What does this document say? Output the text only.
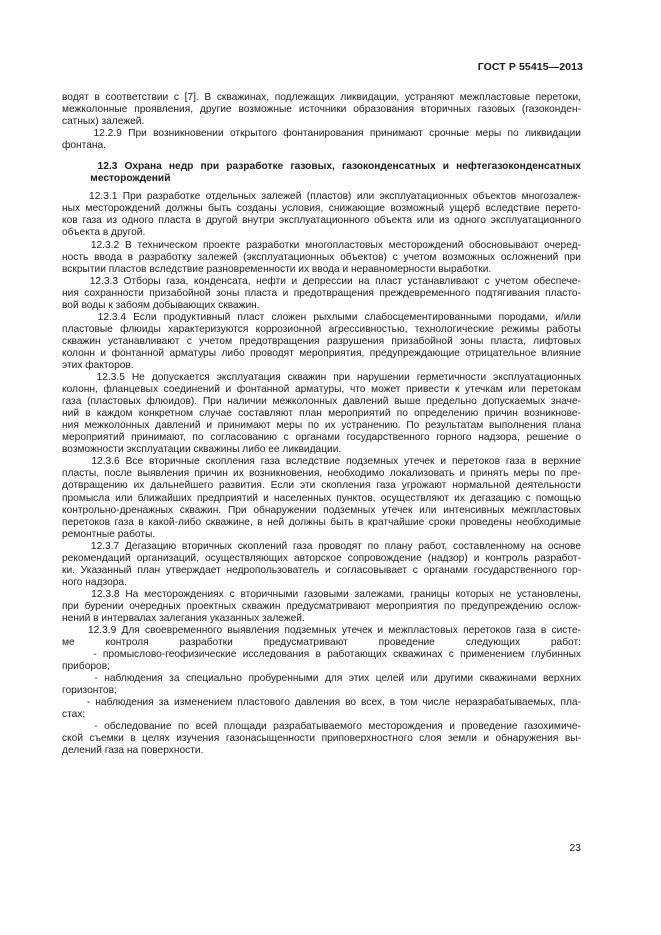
ГОСТ Р 55415—2013
водят в соответствии с [7]. В скважинах, подлежащих ликвидации, устраняют межпластовые перетоки,
межколонные проявления, другие возможные источники образования вторичных газовых (газоконден-
сатных) залежей.
12.2.9 При возникновении открытого фонтанирования принимают срочные меры по ликвидации
фонтана.
12.3 Охрана недр при разработке газовых, газоконденсатных и нефтегазоконденсатных
месторождений
12.3.1 При разработке отдельных залежей (пластов) или эксплуатационных объектов многозалеж-
ных месторождений должны быть созданы условия, снижающие возможный ущерб вследствие перето-
ков газа из одного пласта в другой внутри эксплуатационного объекта или из одного эксплуатационного
объекта в другой.
12.3.2 В техническом проекте разработки многопластовых месторождений обосновывают очеред-
ность ввода в разработку залежей (эксплуатационных объектов) с учетом возможных осложнений при
вскрытии пластов вследствие разновременности их ввода и неравномерности выработки.
12.3.3 Отборы газа, конденсата, нефти и депрессии на пласт устанавливают с учетом обеспече-
ния сохранности призабойной зоны пласта и предотвращения преждевременного подтягивания пласто-
вой воды к забоям добывающих скважин.
12.3.4 Если продуктивный пласт сложен рыхлыми слабосцементированными породами, и/или
пластовые флюиды характеризуются коррозионной агрессивностью, технологические режимы работы
скважин устанавливают с учетом предотвращения разрушения призабойной зоны пласта, лифтовых
колонн и фонтанной арматуры либо проводят мероприятия, предупреждающие отрицательное влияние
этих факторов.
12.3.5 Не допускается эксплуатация скважин при нарушении герметичности эксплуатационных
колонн, фланцевых соединений и фонтанной арматуры, что может привести к утечкам или перетокам
газа (пластовых флюидов). При наличии межколонных давлений выше предельно допускаемых значе-
ний в каждом конкретном случае составляют план мероприятий по определению причин возникнове-
ния межколонных давлений и принимают меры по их устранению. По результатам выполнения плана
мероприятий принимают, по согласованию с органами государственного горного надзора, решение о
возможности эксплуатации скважины либо ее ликвидации.
12.3.6 Все вторичные скопления газа вследствие подземных утечек и перетоков газа в верхние
пласты, после выявления причин их возникновения, необходимо локализовать и принять меры по пре-
дотвращению их дальнейшего развития. Если эти скопления газа угрожают нормальной деятельности
промысла или ближайших предприятий и населенных пунктов, осуществляют их дегазацию с помощью
контрольно-дренажных скважин. При обнаружении подземных утечек или интенсивных межпластовых
перетоков газа в какой-либо скважине, в ней должны быть в кратчайшие сроки проведены необходимые
ремонтные работы.
12.3.7 Дегазацию вторичных скоплений газа проводят по плану работ, составленному на основе
рекомендаций организаций, осуществляющих авторское сопровождение (надзор) и контроль разработ-
ки. Указанный план утверждает недропользователь и согласовывает с органами государственного гор-
ного надзора.
12.3.8 На месторождениях с вторичными газовыми залежами, границы которых не установлены,
при бурении очередных проектных скважин предусматривают мероприятия по предупреждению ослож-
нений в интервалах залегания указанных залежей.
12.3.9 Для своевременного выявления подземных утечек и межпластовых перетоков газа в систе-
ме контроля разработки предусматривают проведение следующих работ:
- промыслово-геофизические исследования в работающих скважинах с применением глубинных
приборов;
- наблюдения за специально пробуренными для этих целей или другими скважинами верхних
горизонтов;
- наблюдения за изменением пластового давления во всех, в том числе неразрабатываемых, пла-
стах;
- обследование по всей площади разрабатываемого месторождения и проведение газохимиче-
ской съемки в целях изучения газонасыщенности приповерхностного слоя земли и обнаружения вы-
делений газа на поверхности.
23
